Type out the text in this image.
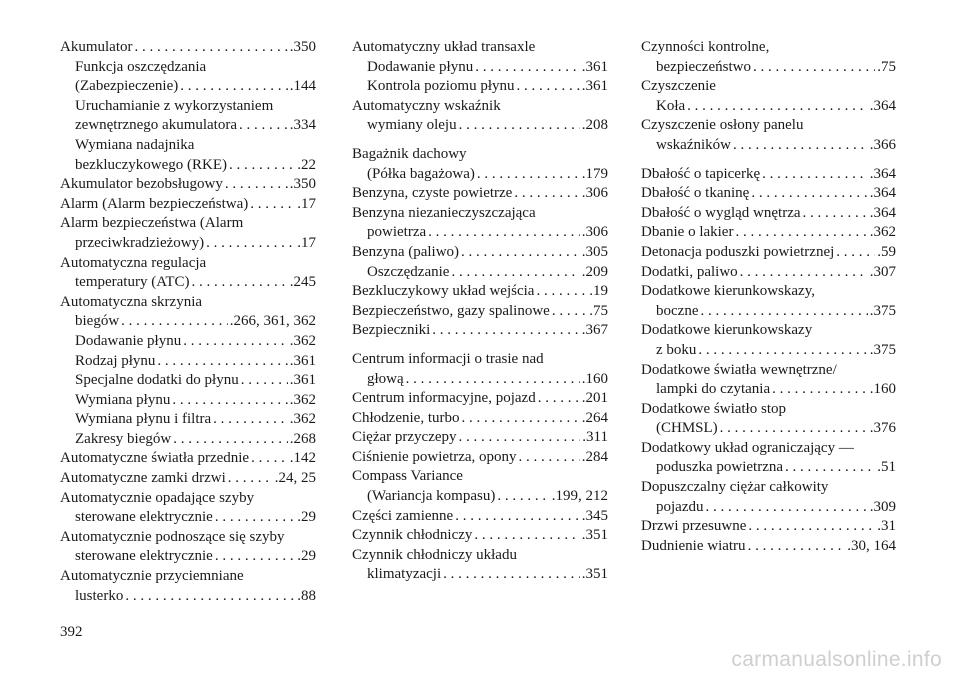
Akumulator . . .	.350
Funkcja oszczędzania
(Zabezpieczenie) . . .	.144
Uruchamianie z wykorzystaniem
zewnętrznego akumulatora . . .	.334
Wymiana nadajnika
bezkluczykowego (RKE) . . .	.22
Akumulator bezobsługowy . . .	.350
Alarm (Alarm bezpieczeństwa) . . .	.17
Alarm bezpieczeństwa (Alarm
przeciwkradzieżowy) . . .	.17
Automatyczna regulacja
temperatury (ATC) . . .	.245
Automatyczna skrzynia
biegów . . .	.266, 361, 362
Dodawanie płynu . . .	.362
Rodzaj płynu . . .	.361
Specjalne dodatki do płynu . . .	.361
Wymiana płynu . . .	.362
Wymiana płynu i filtra . . .	.362
Zakresy biegów . . .	.268
Automatyczne światła przednie . . .	.142
Automatyczne zamki drzwi . . .	.24, 25
Automatycznie opadające szyby
sterowane elektrycznie . . .	.29
Automatycznie podnoszące się szyby
sterowane elektrycznie . . .	.29
Automatycznie przyciemniane
lusterko . . .	.88
Automatyczny układ transaxle
Dodawanie płynu . . .	.361
Kontrola poziomu płynu . . .	.361
Automatyczny wskaźnik
wymiany oleju . . .	.208
Bagażnik dachowy
(Półka bagażowa) . . .	.179
Benzyna, czyste powietrze . . .	.306
Benzyna niezanieczyszczająca
powietrza . . .	.306
Benzyna (paliwo) . . .	.305
Oszczędzanie . . .	.209
Bezkluczykowy układ wejścia . . .	.19
Bezpieczeństwo, gazy spalinowe . . .	.75
Bezpieczniki . . .	.367
Centrum informacji o trasie nad
głową . . .	.160
Centrum informacyjne, pojazd . . .	.201
Chłodzenie, turbo . . .	.264
Ciężar przyczepy . . .	.311
Ciśnienie powietrza, opony . . .	.284
Compass Variance
(Wariancja kompasu) . . .	.199, 212
Części zamienne . . .	.345
Czynnik chłodniczy . . .	.351
Czynnik chłodniczy układu
klimatyzacji . . .	.351
Czynności kontrolne,
bezpieczeństwo . . .	.75
Czyszczenie
Koła . . .	.364
Czyszczenie osłony panelu
wskaźników . . .	.366
Dbałość o tapicerkę . . .	.364
Dbałość o tkaninę . . .	.364
Dbałość o wygląd wnętrza . . .	.364
Dbanie o lakier . . .	.362
Detonacja poduszki powietrznej . . .	.59
Dodatki, paliwo . . .	.307
Dodatkowe kierunkowskazy,
boczne . . .	.375
Dodatkowe kierunkowskazy
z boku . . .	.375
Dodatkowe światła wewnętrzne/
lampki do czytania . . .	.160
Dodatkowe światło stop
(CHMSL) . . .	.376
Dodatkowy układ ograniczający —
poduszka powietrzna . . .	.51
Dopuszczalny ciężar całkowity
pojazdu . . .	.309
Drzwi przesuwne . . .	.31
Dudnienie wiatru . . .	.30, 164
392
carmanualsonline.info
